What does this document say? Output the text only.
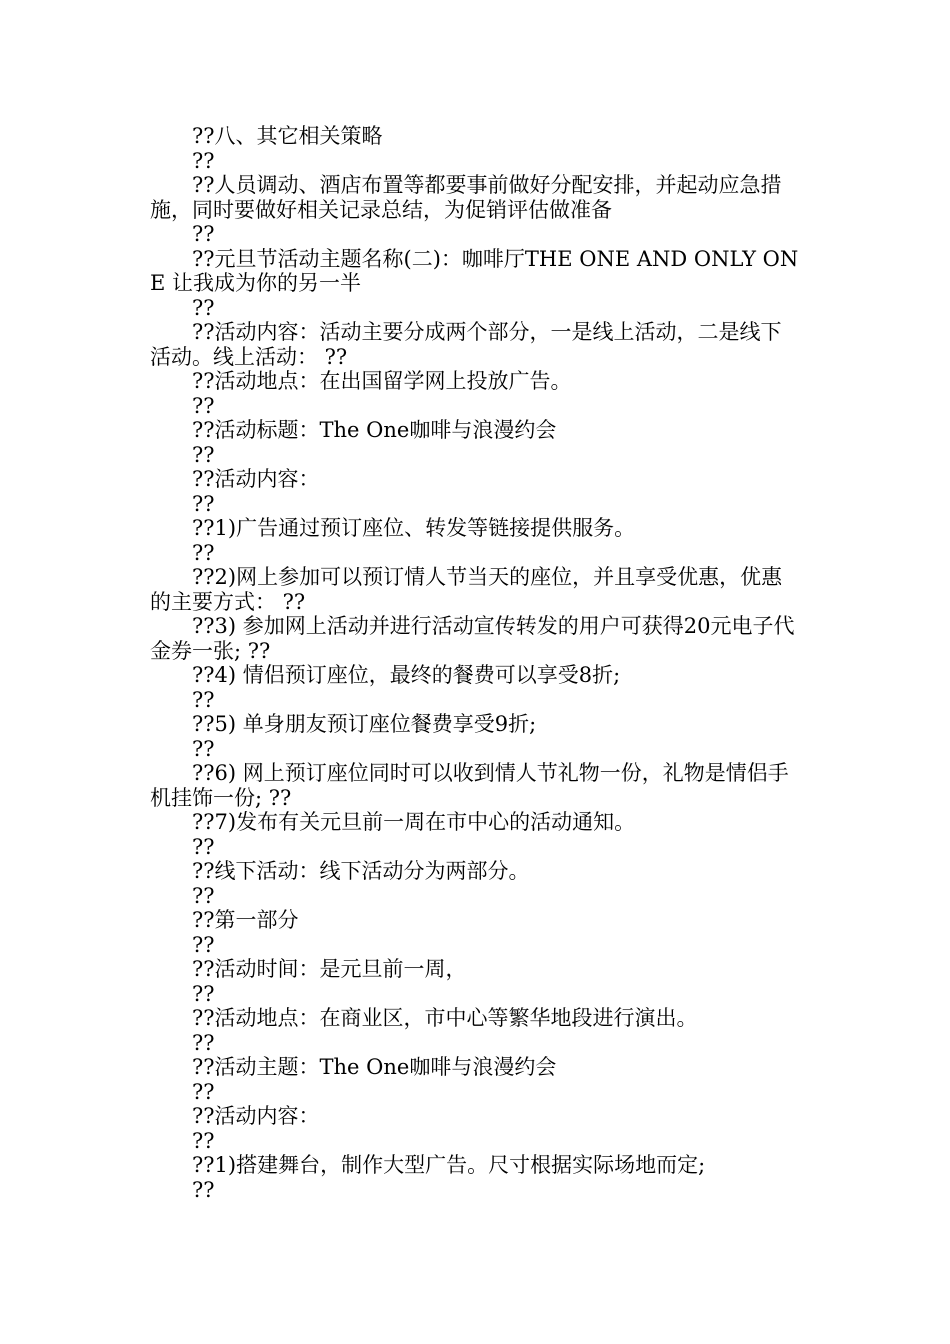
??八、其它相关策略

??

??人员调动、酒店布置等都要事前做好分配安排，并起动应急措施，同时要做好相关记录总结，为促销评估做准备

??

??元旦节活动主题名称(二)：咖啡厅THE ONE AND ONLY ONE 让我成为你的另一半

??

??活动内容：活动主要分成两个部分，一是线上活动，二是线下活动。线上活动： ??

??活动地点：在出国留学网上投放广告。

??

??活动标题：The One咖啡与浪漫约会

??

??活动内容：

??

??1)广告通过预订座位、转发等链接提供服务。

??

??2)网上参加可以预订情人节当天的座位，并且享受优惠，优惠的主要方式： ??

??3) 参加网上活动并进行活动宣传转发的用户可获得20元电子代金券一张; ??

??4) 情侣预订座位，最终的餐费可以享受8折;

??

??5) 单身朋友预订座位餐费享受9折;

??

??6) 网上预订座位同时可以收到情人节礼物一份，礼物是情侣手机挂饰一份; ??

??7)发布有关元旦前一周在市中心的活动通知。

??

??线下活动：线下活动分为两部分。

??

??第一部分

??

??活动时间：是元旦前一周，

??

??活动地点：在商业区，市中心等繁华地段进行演出。

??

??活动主题：The One咖啡与浪漫约会

??

??活动内容：

??

??1)搭建舞台，制作大型广告。尺寸根据实际场地而定;

??
